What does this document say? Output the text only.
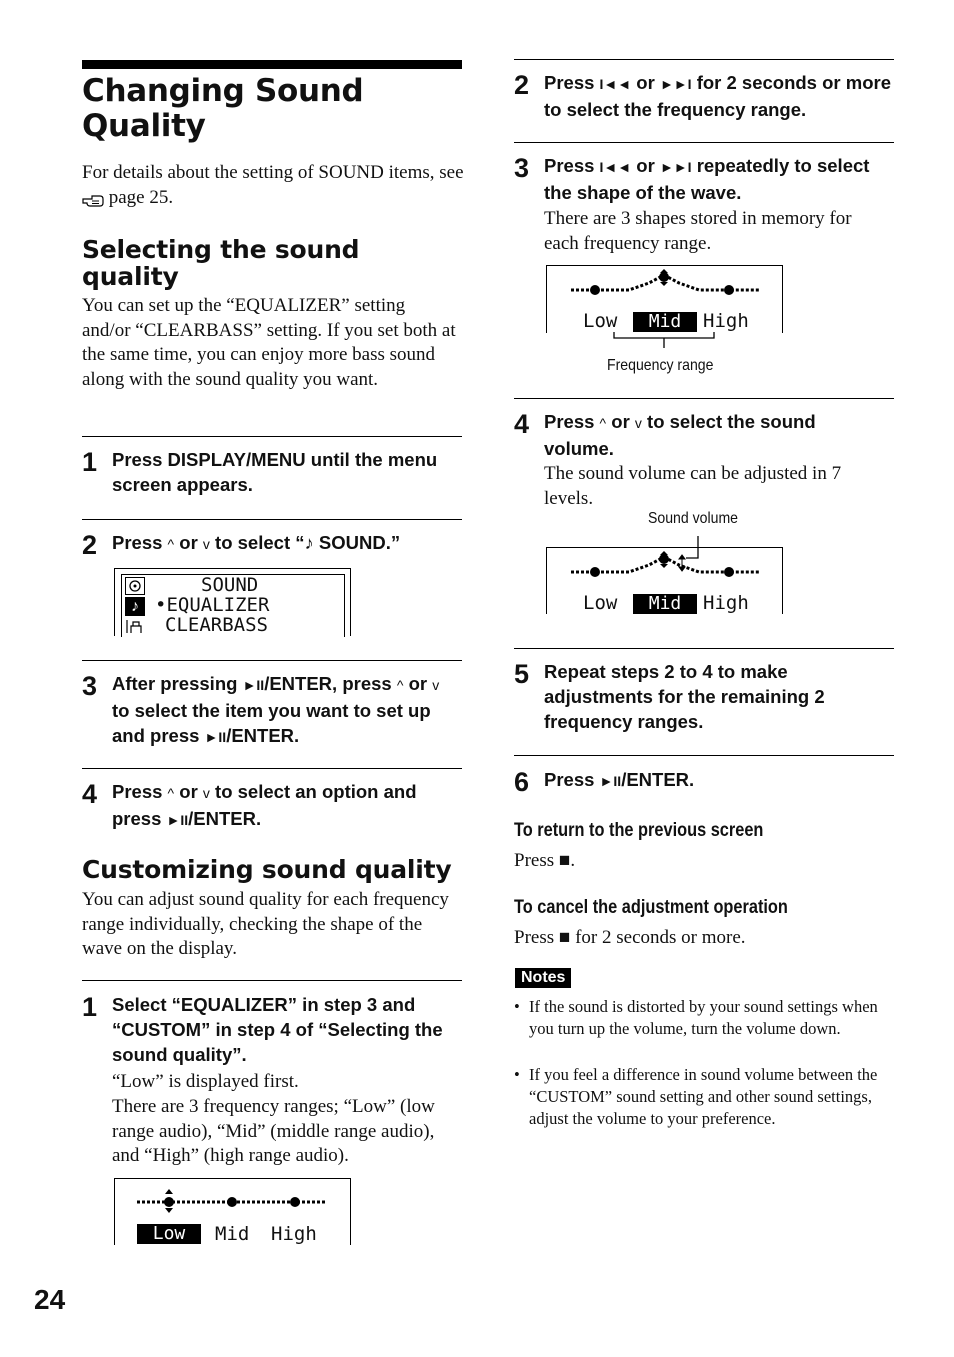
Changing Sound Quality
For details about the setting of SOUND items, see  page 25.
Selecting the sound quality
You can set up the “EQUALIZER” setting and/or “CLEARBASS” setting. If you set both at the same time, you can enjoy more bass sound along with the sound quality you want.
1 Press DISPLAY/MENU until the menu screen appears.
2 Press ^ or v to select “♪ SOUND.”
♪
SOUND
•EQUALIZER
CLEARBASS
3 After pressing ►II/ENTER, press ^ or v to select the item you want to set up and press ►II/ENTER.
4 Press ^ or v to select an option and press ►II/ENTER.
Customizing sound quality
You can adjust sound quality for each frequency range individually, checking the shape of the wave on the display.
1 Select “EQUALIZER” in step 3 and “CUSTOM” in step 4 of “Selecting the sound quality”.
“Low” is displayed first.
There are 3 frequency ranges; “Low” (low range audio), “Mid” (middle range audio), and “High” (high range audio).
Low	Mid High
24
2 Press I◄◄ or ►►I for 2 seconds or more to select the frequency range.
3 Press I◄◄ or ►►I repeatedly to select the shape of the wave.
There are 3 shapes stored in memory for each frequency range.
Low	Mid	High
Frequency range
4 Press ^ or v to select the sound volume.
The sound volume can be adjusted in 7 levels.
Sound volume
Low	Mid	High
5 Repeat steps 2 to 4 to make adjustments for the remaining 2 frequency ranges.
6 Press ►II/ENTER.
To return to the previous screen
Press ■.
To cancel the adjustment operation
Press ■ for 2 seconds or more.
Notes
• If the sound is distorted by your sound settings when you turn up the volume, turn the volume down.
• If you feel a difference in sound volume between the “CUSTOM” sound setting and other sound settings, adjust the volume to your preference.
